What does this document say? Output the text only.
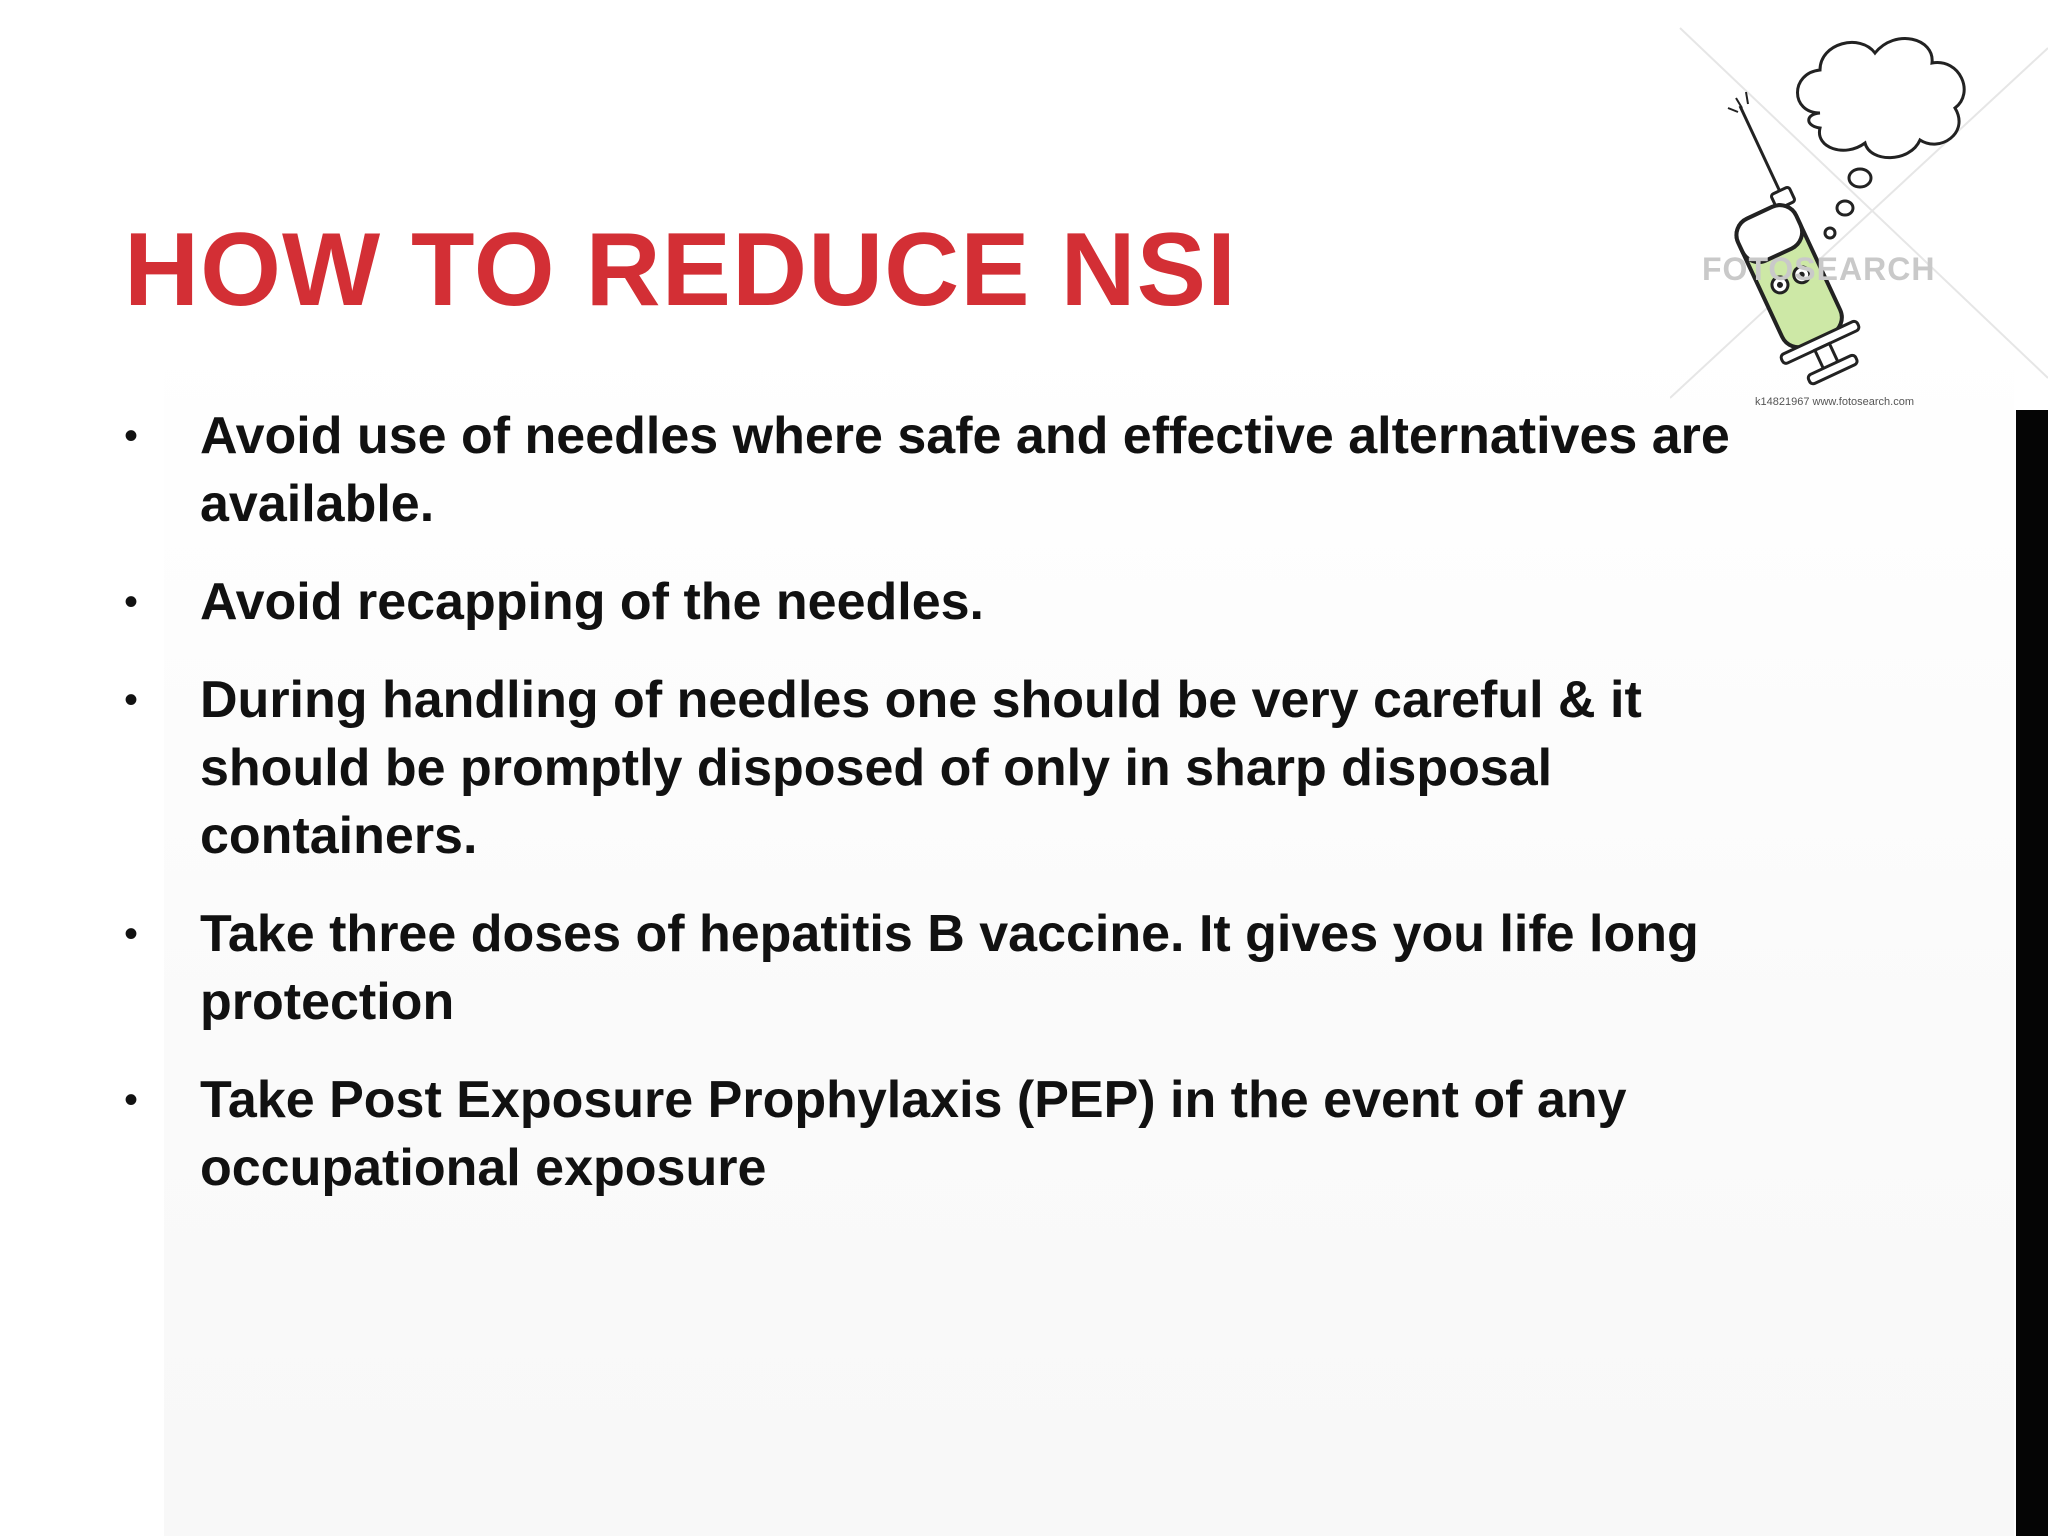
HOW TO REDUCE NSI
• Avoid use of needles where safe and effective alternatives are available.
• Avoid recapping of the needles.
• During handling of needles one should be very careful & it should be promptly disposed of only in sharp disposal containers.
• Take three doses of hepatitis B vaccine. It gives you life long protection
• Take Post Exposure Prophylaxis (PEP) in the event of any occupational exposure
FOTOSEARCH
k14821967 www.fotosearch.com
